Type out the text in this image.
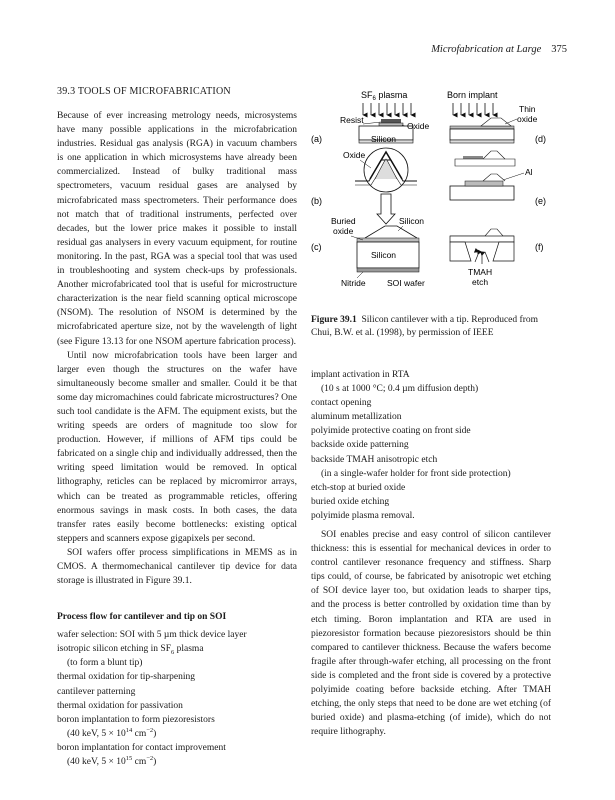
Microfabrication at Large 375
39.3 TOOLS OF MICROFABRICATION

Because of ever increasing metrology needs, microsystems have many possible applications in the microfabrication industries. Residual gas analysis (RGA) in vacuum chambers is one application in which microsystems have already been commercialized. Instead of bulky traditional mass spectrometers, vacuum residual gases are analysed by microfabricated mass spectrometers. Their performance does not match that of traditional instruments, perfected over decades, but the lower price makes it possible to install residual gas analysers in every vacuum equipment, for routine monitoring. In the past, RGA was a special tool that was used in troubleshooting and system check-ups by professionals. Another microfabricated tool that is useful for microstructure characterization is the near field scanning optical microscope (NSOM). The resolution of NSOM is determined by the microfabricated aperture size, not by the wavelength of light (see Figure 13.13 for one NSOM aperture fabrication process).

Until now microfabrication tools have been larger and larger even though the structures on the wafer have simultaneously become smaller and smaller. Could it be that some day micromachines could fabricate microstructures? One such tool candidate is the AFM. The equipment exists, but the writing speeds are orders of magnitude too slow for production. However, if millions of AFM tips could be fabricated on a single chip and individually addressed, then the writing speed limitation would be removed. In optical lithography, reticles can be replaced by micromirror arrays, which can be treated as programmable reticles, offering enormous savings in mask costs. In both cases, the data transfer rates easily become bottlenecks: existing optical steppers and scanners expose gigapixels per second.

SOI wafers offer process simplifications in MEMS as in CMOS. A thermomechanical cantilever tip device for data storage is illustrated in Figure 39.1.

Process flow for cantilever and tip on SOI
wafer selection: SOI with 5 µm thick device layer
isotropic silicon etching in $SF_6$ plasma
(to form a blunt tip)
thermal oxidation for tip-sharpening
cantilever patterning
thermal oxidation for passivation
boron implantation to form piezoresistors
(40 keV, $5 \times 10^{14}$ $cm^{-2}$)
boron implantation for contact improvement
(40 keV, $5 \times 10^{15}$ $cm^{-2}$)
$SF_6$ plasma	Born implant
Resist
Oxide
Silicon
(a)
Thin
oxide
(d)
Oxide
(b)
Al
(e)
Buried
oxide
Silicon
Silicon
(c)
TMAH
etch
(f)
Nitride	SOI wafer
Figure 39.1 Silicon cantilever with a tip. Reproduced from Chui, B.W. et al. (1998), by permission of IEEE
implant activation in RTA
(10 s at 1000 °C; 0.4 µm diffusion depth)
contact opening
aluminum metallization
polyimide protective coating on front side
backside oxide patterning
backside TMAH anisotropic etch
(in a single-wafer holder for front side protection)
etch-stop at buried oxide
buried oxide etching
polyimide plasma removal.

SOI enables precise and easy control of silicon cantilever thickness: this is essential for mechanical devices in order to control cantilever resonance frequency and stiffness. Sharp tips could, of course, be fabricated by anisotropic wet etching of SOI device layer too, but oxidation leads to sharper tips, and the process is better controlled by oxidation time than by etch timing. Boron implantation and RTA are used in piezoresistor formation because piezoresistors should be thin compared to cantilever thickness. Because the wafers become fragile after through-wafer etching, all processing on the front side is completed and the front side is covered by a protective polyimide coating before backside etching. After TMAH etching, the only steps that need to be done are wet etching (of buried oxide) and plasma-etching (of imide), which do not require lithography.
